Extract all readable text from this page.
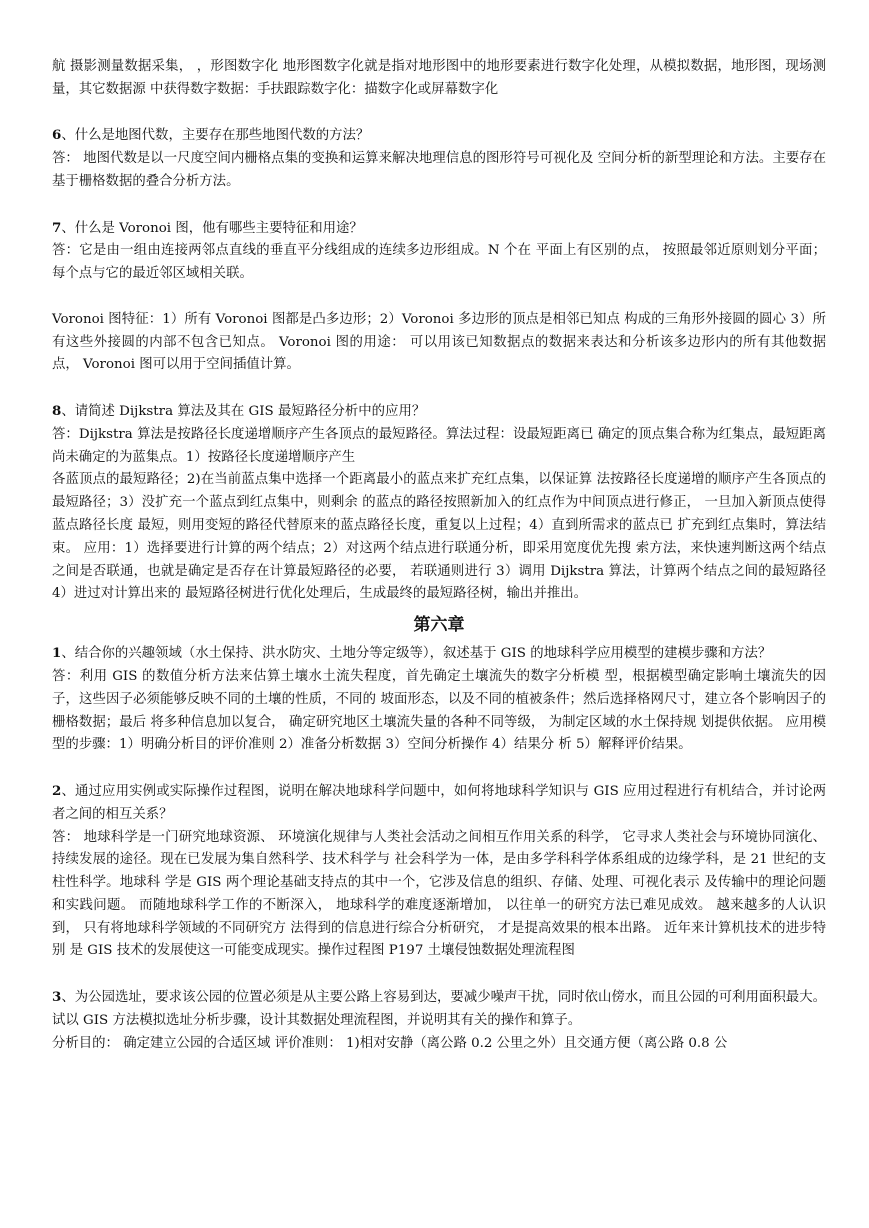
航 摄影测量数据采集， ，形图数字化 地形图数字化就是指对地形图中的地形要素进行数字化处理，从模拟数据，地形图，现场测 量，其它数据源 中获得数字数据：手扶跟踪数字化：描数字化或屏幕数字化

6、什么是地图代数，主要存在那些地图代数的方法？

答： 地图代数是以一尺度空间内栅格点集的变换和运算来解决地理信息的图形符号可视化及 空间分析的新型理论和方法。主要存在基于栅格数据的叠合分析方法。

7、什么是 Voronoi 图，他有哪些主要特征和用途？

答：它是由一组由连接两邻点直线的垂直平分线组成的连续多边形组成。N 个在 平面上有区别的点， 按照最邻近原则划分平面； 每个点与它的最近邻区域相关联。

Voronoi 图特征：1）所有 Voronoi 图都是凸多边形；2）Voronoi 多边形的顶点是相邻已知点 构成的三角形外接圆的圆心 3）所有这些外接圆的内部不包含已知点。 Voronoi 图的用途： 可以用该已知数据点的数据来表达和分析该多边形内的所有其他数据点， Voronoi 图可以用于空间插值计算。

8、请简述 Dijkstra 算法及其在 GIS 最短路径分析中的应用？

答：Dijkstra 算法是按路径长度递增顺序产生各顶点的最短路径。算法过程：设最短距离已 确定的顶点集合称为红集点，最短距离尚未确定的为蓝集点。1）按路径长度递增顺序产生

各蓝顶点的最短路径；2)在当前蓝点集中选择一个距离最小的蓝点来扩充红点集，以保证算 法按路径长度递增的顺序产生各顶点的最短路径；3）没扩充一个蓝点到红点集中，则剩余 的蓝点的路径按照新加入的红点作为中间顶点进行修正， 一旦加入新顶点使得蓝点路径长度 最短，则用变短的路径代替原来的蓝点路径长度，重复以上过程；4）直到所需求的蓝点已 扩充到红点集时，算法结束。 应用：1）选择要进行计算的两个结点；2）对这两个结点进行联通分析，即采用宽度优先搜 索方法，来快速判断这两个结点之间是否联通，也就是确定是否存在计算最短路径的必要， 若联通则进行 3）调用 Dijkstra 算法，计算两个结点之间的最短路径 4）进过对计算出来的 最短路径树进行优化处理后，生成最终的最短路径树，输出并推出。

第六章

1、结合你的兴趣领域（水土保持、洪水防灾、土地分等定级等），叙述基于 GIS 的地球科学应用模型的建模步骤和方法？

答：利用 GIS 的数值分析方法来估算土壤水土流失程度，首先确定土壤流失的数字分析模 型，根据模型确定影响土壤流失的因子，这些因子必须能够反映不同的土壤的性质，不同的 坡面形态，以及不同的植被条件；然后选择格网尺寸，建立各个影响因子的栅格数据；最后 将多种信息加以复合， 确定研究地区土壤流失量的各种不同等级， 为制定区域的水土保持规 划提供依据。 应用模型的步骤：1）明确分析目的评价准则 2）准备分析数据 3）空间分析操作 4）结果分 析 5）解释评价结果。

2、通过应用实例或实际操作过程图，说明在解决地球科学问题中，如何将地球科学知识与 GIS 应用过程进行有机结合，并讨论两者之间的相互关系？

答： 地球科学是一门研究地球资源、 环境演化规律与人类社会活动之间相互作用关系的科学， 它寻求人类社会与环境协同演化、持续发展的途径。现在已发展为集自然科学、技术科学与 社会科学为一体，是由多学科科学体系组成的边缘学科，是 21 世纪的支柱性科学。地球科 学是 GIS 两个理论基础支持点的其中一个，它涉及信息的组织、存储、处理、可视化表示 及传输中的理论问题和实践问题。 而随地球科学工作的不断深入， 地球科学的难度逐渐增加， 以往单一的研究方法已难见成效。 越来越多的人认识到， 只有将地球科学领域的不同研究方 法得到的信息进行综合分析研究， 才是提高效果的根本出路。 近年来计算机技术的进步特别 是 GIS 技术的发展使这一可能变成现实。操作过程图 P197 土壤侵蚀数据处理流程图

3、为公园选址，要求该公园的位置必须是从主要公路上容易到达，要减少噪声干扰，同时依山傍水，而且公园的可利用面积最大。试以 GIS 方法模拟选址分析步骤，设计其数据处理流程图，并说明其有关的操作和算子。

分析目的： 确定建立公园的合适区域 评价准则： 1)相对安静（离公路 0.2 公里之外）且交通方便（离公路 0.8 公
